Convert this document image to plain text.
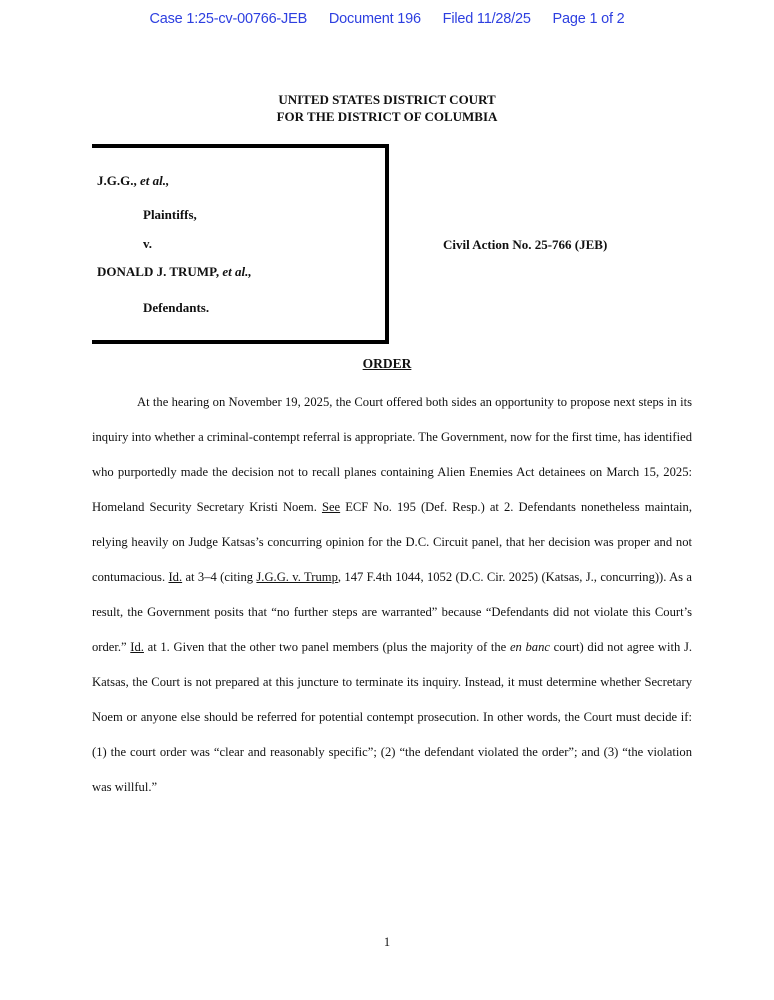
Case 1:25-cv-00766-JEB Document 196 Filed 11/28/25 Page 1 of 2
UNITED STATES DISTRICT COURT
FOR THE DISTRICT OF COLUMBIA
J.G.G., et al.,
Plaintiffs,
v.
DONALD J. TRUMP, et al.,
Defendants.
Civil Action No. 25-766 (JEB)
ORDER

At the hearing on November 19, 2025, the Court offered both sides an opportunity to propose next steps in its inquiry into whether a criminal-contempt referral is appropriate. The Government, now for the first time, has identified who purportedly made the decision not to recall planes containing Alien Enemies Act detainees on March 15, 2025: Homeland Security Secretary Kristi Noem. See ECF No. 195 (Def. Resp.) at 2. Defendants nonetheless maintain, relying heavily on Judge Katsas’s concurring opinion for the D.C. Circuit panel, that her decision was proper and not contumacious. Id. at 3–4 (citing J.G.G. v. Trump, 147 F.4th 1044, 1052 (D.C. Cir. 2025) (Katsas, J., concurring)). As a result, the Government posits that “no further steps are warranted” because “Defendants did not violate this Court’s order.” Id. at 1. Given that the other two panel members (plus the majority of the en banc court) did not agree with J. Katsas, the Court is not prepared at this juncture to terminate its inquiry. Instead, it must determine whether Secretary Noem or anyone else should be referred for potential contempt prosecution. In other words, the Court must decide if: (1) the court order was “clear and reasonably specific”; (2) “the defendant violated the order”; and (3) “the violation was willful.”

1
